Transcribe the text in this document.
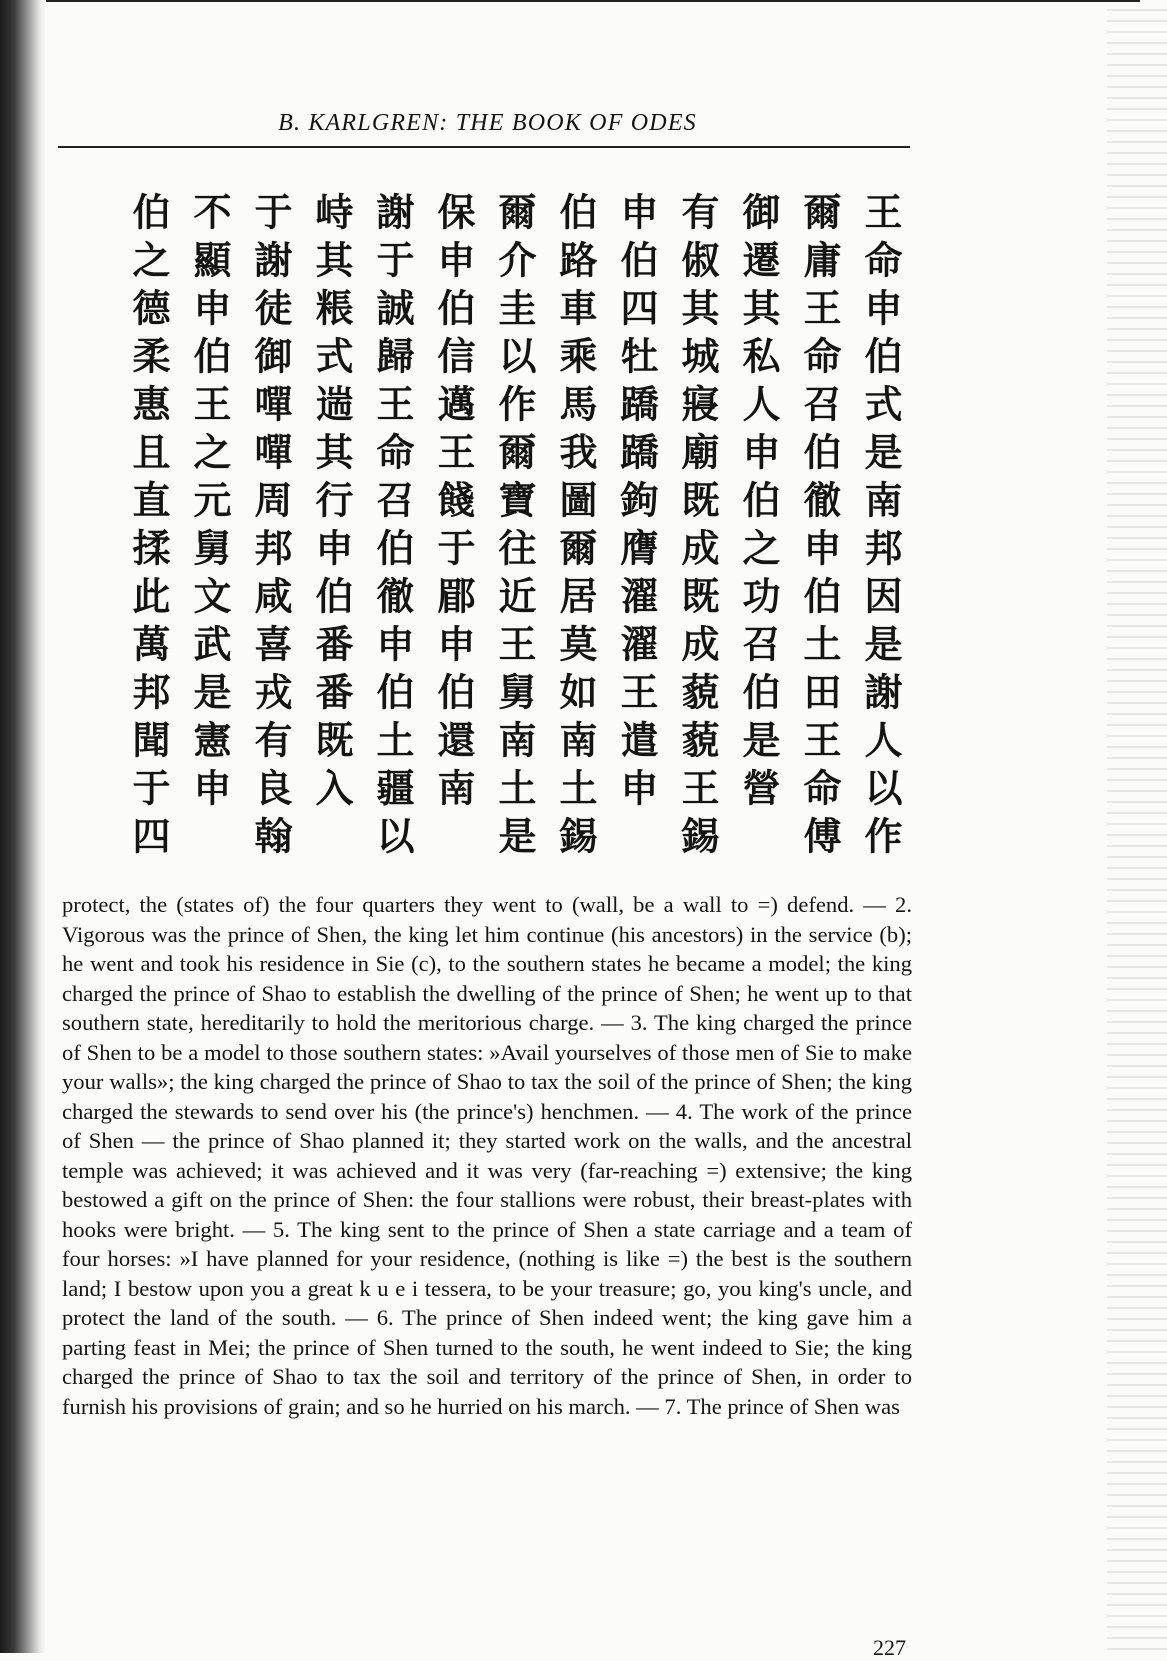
B. KARLGREN: THE BOOK OF ODES
王命申伯式是南邦因是謝人以作
爾庸王命召伯徹申伯土田王命傅
御遷其私人申伯之功召伯是營
有俶其城寢廟既成既成藐藐王錫
申伯四牡蹻蹻鉤膺濯濯王遣申
伯路車乘馬我圖爾居莫如南土錫
爾介圭以作爾寶往近王舅南土是
保申伯信邁王餞于郿申伯還南
謝于誠歸王命召伯徹申伯土疆以
峙其粻式遄其行申伯番番既入
于謝徒御嘽嘽周邦咸喜戎有良翰
不顯申伯王之元舅文武是憲申
伯之德柔惠且直揉此萬邦聞于四
protect, the (states of) the four quarters they went to (wall, be a wall to =) defend. — 2. Vigorous was the prince of Shen, the king let him continue (his ancestors) in the service (b); he went and took his residence in Sie (c), to the southern states he became a model; the king charged the prince of Shao to establish the dwelling of the prince of Shen; he went up to that southern state, hereditarily to hold the meritorious charge. — 3. The king charged the prince of Shen to be a model to those southern states: »Avail yourselves of those men of Sie to make your walls»; the king charged the prince of Shao to tax the soil of the prince of Shen; the king charged the stewards to send over his (the prince's) henchmen. — 4. The work of the prince of Shen — the prince of Shao planned it; they started work on the walls, and the ancestral temple was achieved; it was achieved and it was very (far-reaching =) extensive; the king bestowed a gift on the prince of Shen: the four stallions were robust, their breast-plates with hooks were bright. — 5. The king sent to the prince of Shen a state carriage and a team of four horses: »I have planned for your residence, (nothing is like =) the best is the southern land; I bestow upon you a great k u e i tessera, to be your treasure; go, you king's uncle, and protect the land of the south. — 6. The prince of Shen indeed went; the king gave him a parting feast in Mei; the prince of Shen turned to the south, he went indeed to Sie; the king charged the prince of Shao to tax the soil and territory of the prince of Shen, in order to furnish his provisions of grain; and so he hurried on his march. — 7. The prince of Shen was
227
